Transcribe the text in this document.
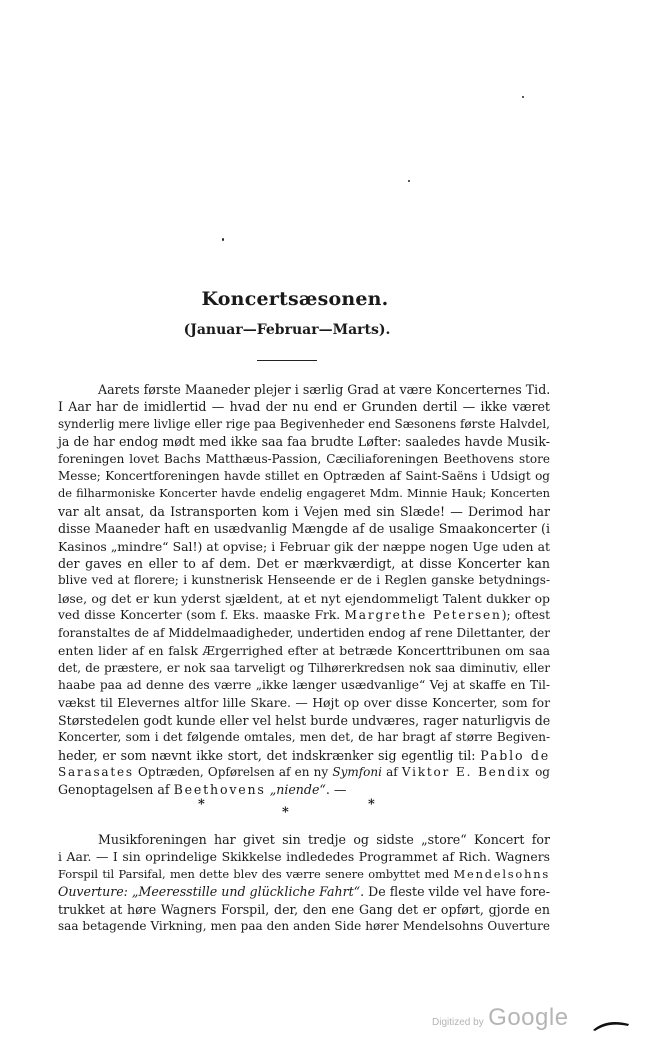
Koncertsæsonen.
(Januar—Februar—Marts).
Aarets første Maaneder plejer i særlig Grad at være Koncerternes Tid.
I Aar har de imidlertid — hvad der nu end er Grunden dertil — ikke været
synderlig mere livlige eller rige paa Begivenheder end Sæsonens første Halvdel,
ja de har endog mødt med ikke saa faa brudte Løfter: saaledes havde Musik-
foreningen lovet Bachs Matthæus-Passion, Cæciliaforeningen Beethovens store
Messe; Koncertforeningen havde stillet en Optræden af Saint-Saëns i Udsigt og
de filharmoniske Koncerter havde endelig engageret Mdm. Minnie Hauk; Koncerten
var alt ansat, da Istransporten kom i Vejen med sin Slæde! — Derimod har
disse Maaneder haft en usædvanlig Mængde af de usalige Smaakoncerter (i
Kasinos „mindre“ Sal!) at opvise; i Februar gik der næppe nogen Uge uden at
der gaves en eller to af dem. Det er mærkværdigt, at disse Koncerter kan
blive ved at florere; i kunstnerisk Henseende er de i Reglen ganske betydnings-
løse, og det er kun yderst sjældent, at et nyt ejendommeligt Talent dukker op
ved disse Koncerter (som f. Eks. maaske Frk. Margrethe Petersen); oftest
foranstaltes de af Middelmaadigheder, undertiden endog af rene Dilettanter, der
enten lider af en falsk Ærgerrighed efter at betræde Koncerttribunen om saa
det, de præstere, er nok saa tarveligt og Tilhørerkredsen nok saa diminutiv, eller
haabe paa ad denne des værre „ikke længer usædvanlige“ Vej at skaffe en Til-
vækst til Elevernes altfor lille Skare. — Højt op over disse Koncerter, som for
Størstedelen godt kunde eller vel helst burde undværes, rager naturligvis de
Koncerter, som i det følgende omtales, men det, de har bragt af større Begiven-
heder, er som nævnt ikke stort, det indskrænker sig egentlig til: Pablo de
Sarasates Optræden, Opførelsen af en ny Symfoni af Viktor E. Bendix og
Genoptagelsen af Beethovens „niende“. —
*
*
*
Musikforeningen har givet sin tredje og sidste „store“ Koncert for
i Aar. — I sin oprindelige Skikkelse indlededes Programmet af Rich. Wagners
Forspil til Parsifal, men dette blev des værre senere ombyttet med Mendelsohns
Ouverture: „Meeresstille und glückliche Fahrt“. De fleste vilde vel have fore-
trukket at høre Wagners Forspil, der, den ene Gang det er opført, gjorde en
saa betagende Virkning, men paa den anden Side hører Mendelsohns Ouverture
Digitized by Google
